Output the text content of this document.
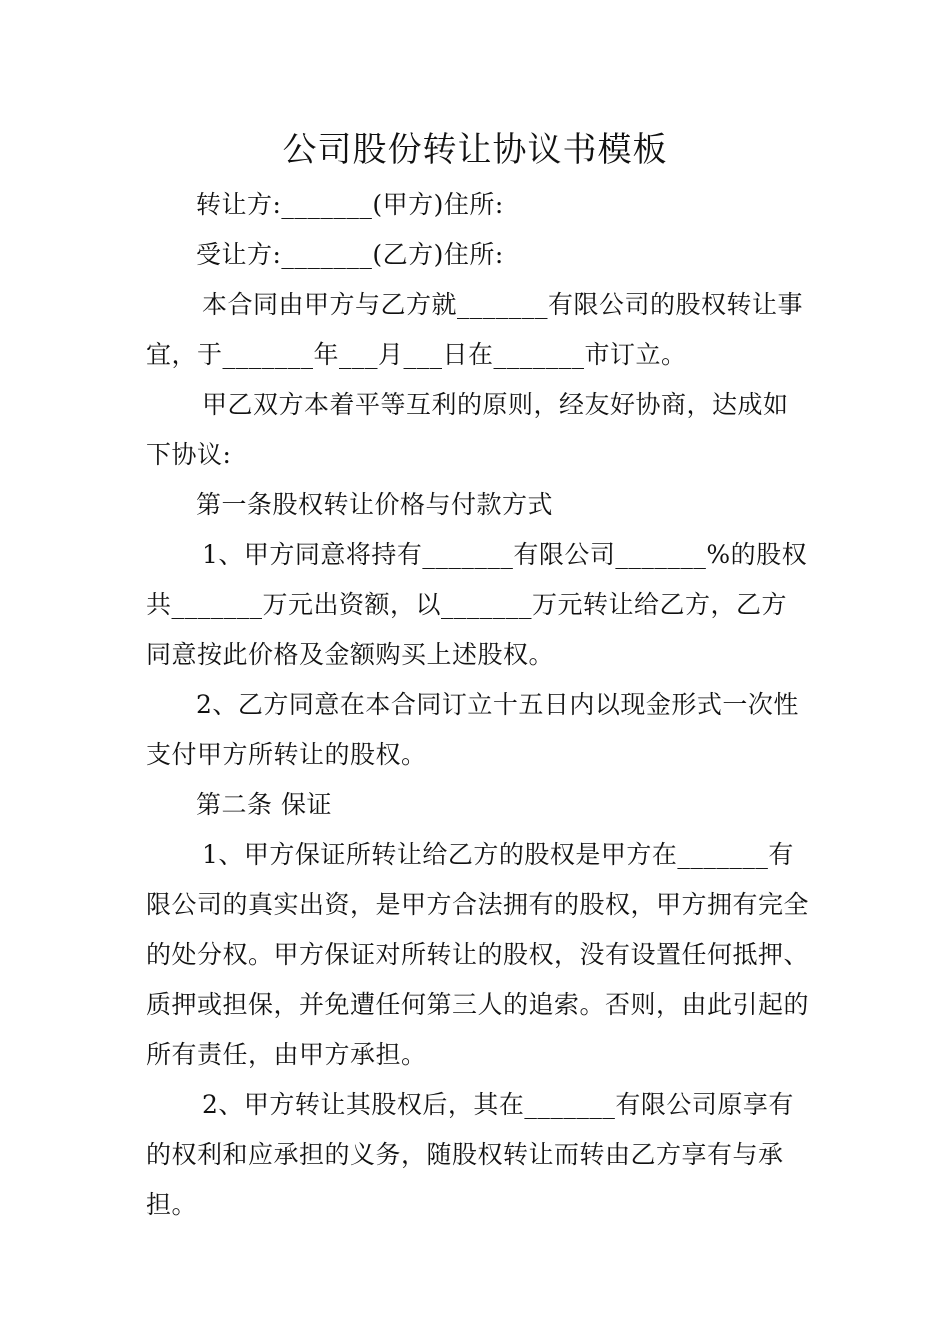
公司股份转让协议书模板

转让方:_______(甲方)住所:

受让方:_______(乙方)住所:

本合同由甲方与乙方就_______有限公司的股权转让事宜，于_______年___月___日在_______市订立。

甲乙双方本着平等互利的原则，经友好协商，达成如下协议:

第一条股权转让价格与付款方式

1、甲方同意将持有_______有限公司_______%的股权共_______万元出资额，以_______万元转让给乙方，乙方同意按此价格及金额购买上述股权。

2、乙方同意在本合同订立十五日内以现金形式一次性支付甲方所转让的股权。

第二条 保证

1、甲方保证所转让给乙方的股权是甲方在_______有限公司的真实出资，是甲方合法拥有的股权，甲方拥有完全的处分权。甲方保证对所转让的股权，没有设置任何抵押、质押或担保，并免遭任何第三人的追索。否则，由此引起的所有责任，由甲方承担。

2、甲方转让其股权后，其在_______有限公司原享有的权利和应承担的义务，随股权转让而转由乙方享有与承担。
